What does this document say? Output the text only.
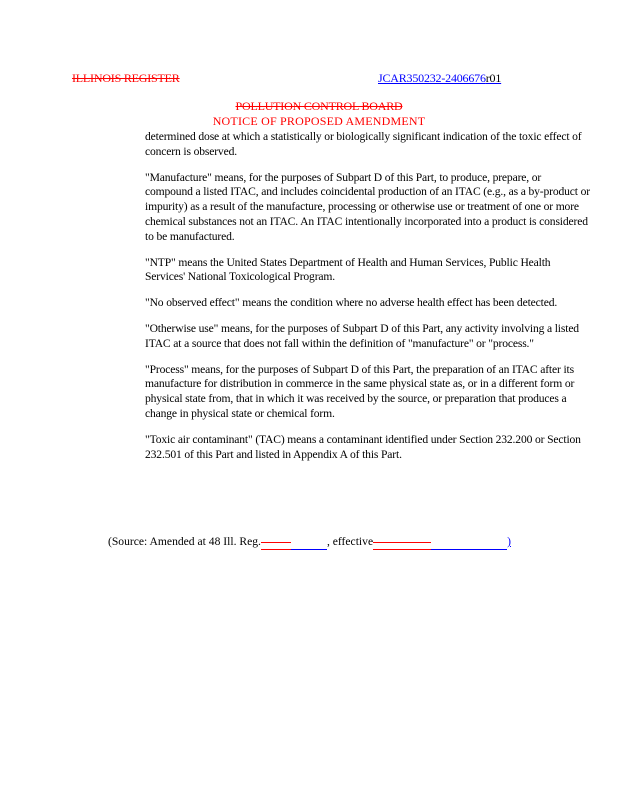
ILLINOIS REGISTER	JCAR350232-2406676r01
POLLUTION CONTROL BOARD
NOTICE OF PROPOSED AMENDMENT

determined dose at which a statistically or biologically significant indication of the toxic effect of concern is observed.

"Manufacture" means, for the purposes of Subpart D of this Part, to produce, prepare, or compound a listed ITAC, and includes coincidental production of an ITAC (e.g., as a by-product or impurity) as a result of the manufacture, processing or otherwise use or treatment of one or more chemical substances not an ITAC. An ITAC intentionally incorporated into a product is considered to be manufactured.

"NTP" means the United States Department of Health and Human Services, Public Health Services' National Toxicological Program.

"No observed effect" means the condition where no adverse health effect has been detected.

"Otherwise use" means, for the purposes of Subpart D of this Part, any activity involving a listed ITAC at a source that does not fall within the definition of "manufacture" or "process."

"Process" means, for the purposes of Subpart D of this Part, the preparation of an ITAC after its manufacture for distribution in commerce in the same physical state as, or in a different form or physical state from, that in which it was received by the source, or preparation that produces a change in physical state or chemical form.

"Toxic air contaminant" (TAC) means a contaminant identified under Section 232.200 or Section 232.501 of this Part and listed in Appendix A of this Part.

(Source: Amended at 48 Ill. Reg.	, effective	)
